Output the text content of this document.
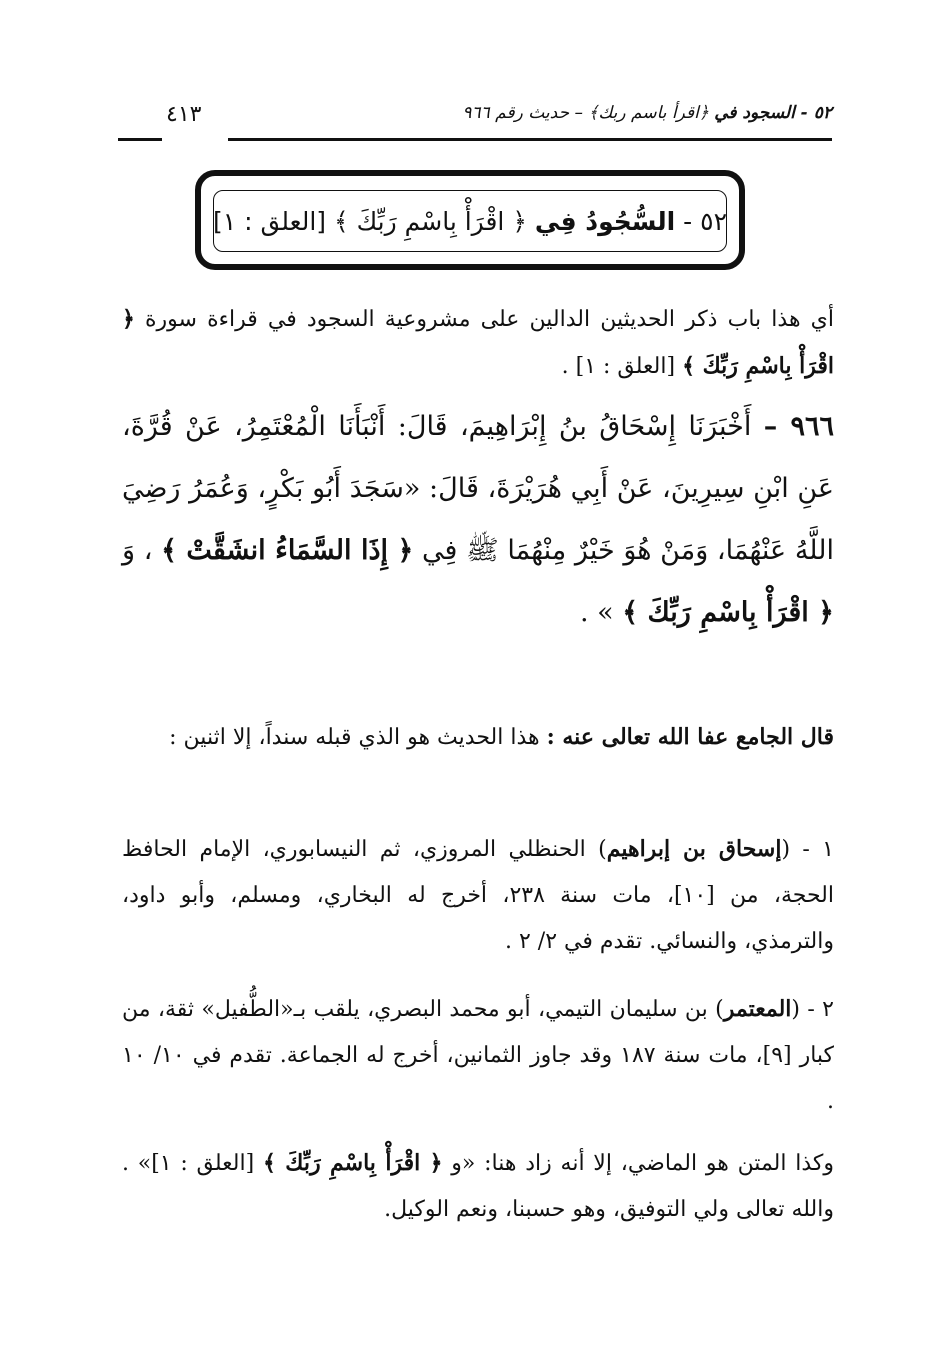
٥٢ - السجود في ﴿اقرأ باسم ربك﴾ – حديث رقم ٩٦٦
٤١٣
٥٢ - السُّجُودُ فِي ﴿ اقْرَأْ بِاسْمِ رَبِّكَ ﴾ [العلق : ١]
أي هذا باب ذكر الحديثين الدالين على مشروعية السجود في قراءة سورة ﴿ اقْرَأْ بِاسْمِ رَبِّكَ ﴾ [العلق : ١] .
٩٦٦ – أَخْبَرَنَا إِسْحَاقُ بنُ إِبْرَاهِيمَ، قَالَ: أَنْبَأَنَا الْمُعْتَمِرُ، عَنْ قُرَّةَ، عَنِ ابْنِ سِيرِينَ، عَنْ أَبِي هُرَيْرَةَ، قَالَ: «سَجَدَ أَبُو بَكْرٍ، وَعُمَرُ رَضِيَ اللَّهُ عَنْهُمَا، وَمَنْ هُوَ خَيْرٌ مِنْهُمَا ﷺ فِي ﴿ إِذَا السَّمَاءُ انشَقَّتْ ﴾ ، وَ ﴿ اقْرَأْ بِاسْمِ رَبِّكَ ﴾ » .
قال الجامع عفا الله تعالى عنه : هذا الحديث هو الذي قبله سنداً، إلا اثنين :
١ - (إسحاق بن إبراهيم) الحنظلي المروزي، ثم النيسابوري، الإمام الحافظ الحجة، من [١٠]، مات سنة ٢٣٨، أخرج له البخاري، ومسلم، وأبو داود، والترمذي، والنسائي. تقدم في ٢/ ٢ .
٢ - (المعتمر) بن سليمان التيمي، أبو محمد البصري، يلقب بـ«الطُّفيل» ثقة، من كبار [٩]، مات سنة ١٨٧ وقد جاوز الثمانين، أخرج له الجماعة. تقدم في ١٠/ ١٠ .
وكذا المتن هو الماضي، إلا أنه زاد هنا: «و ﴿ اقْرَأْ بِاسْمِ رَبِّكَ ﴾ [العلق : ١]» . والله تعالى ولي التوفيق، وهو حسبنا، ونعم الوكيل.
